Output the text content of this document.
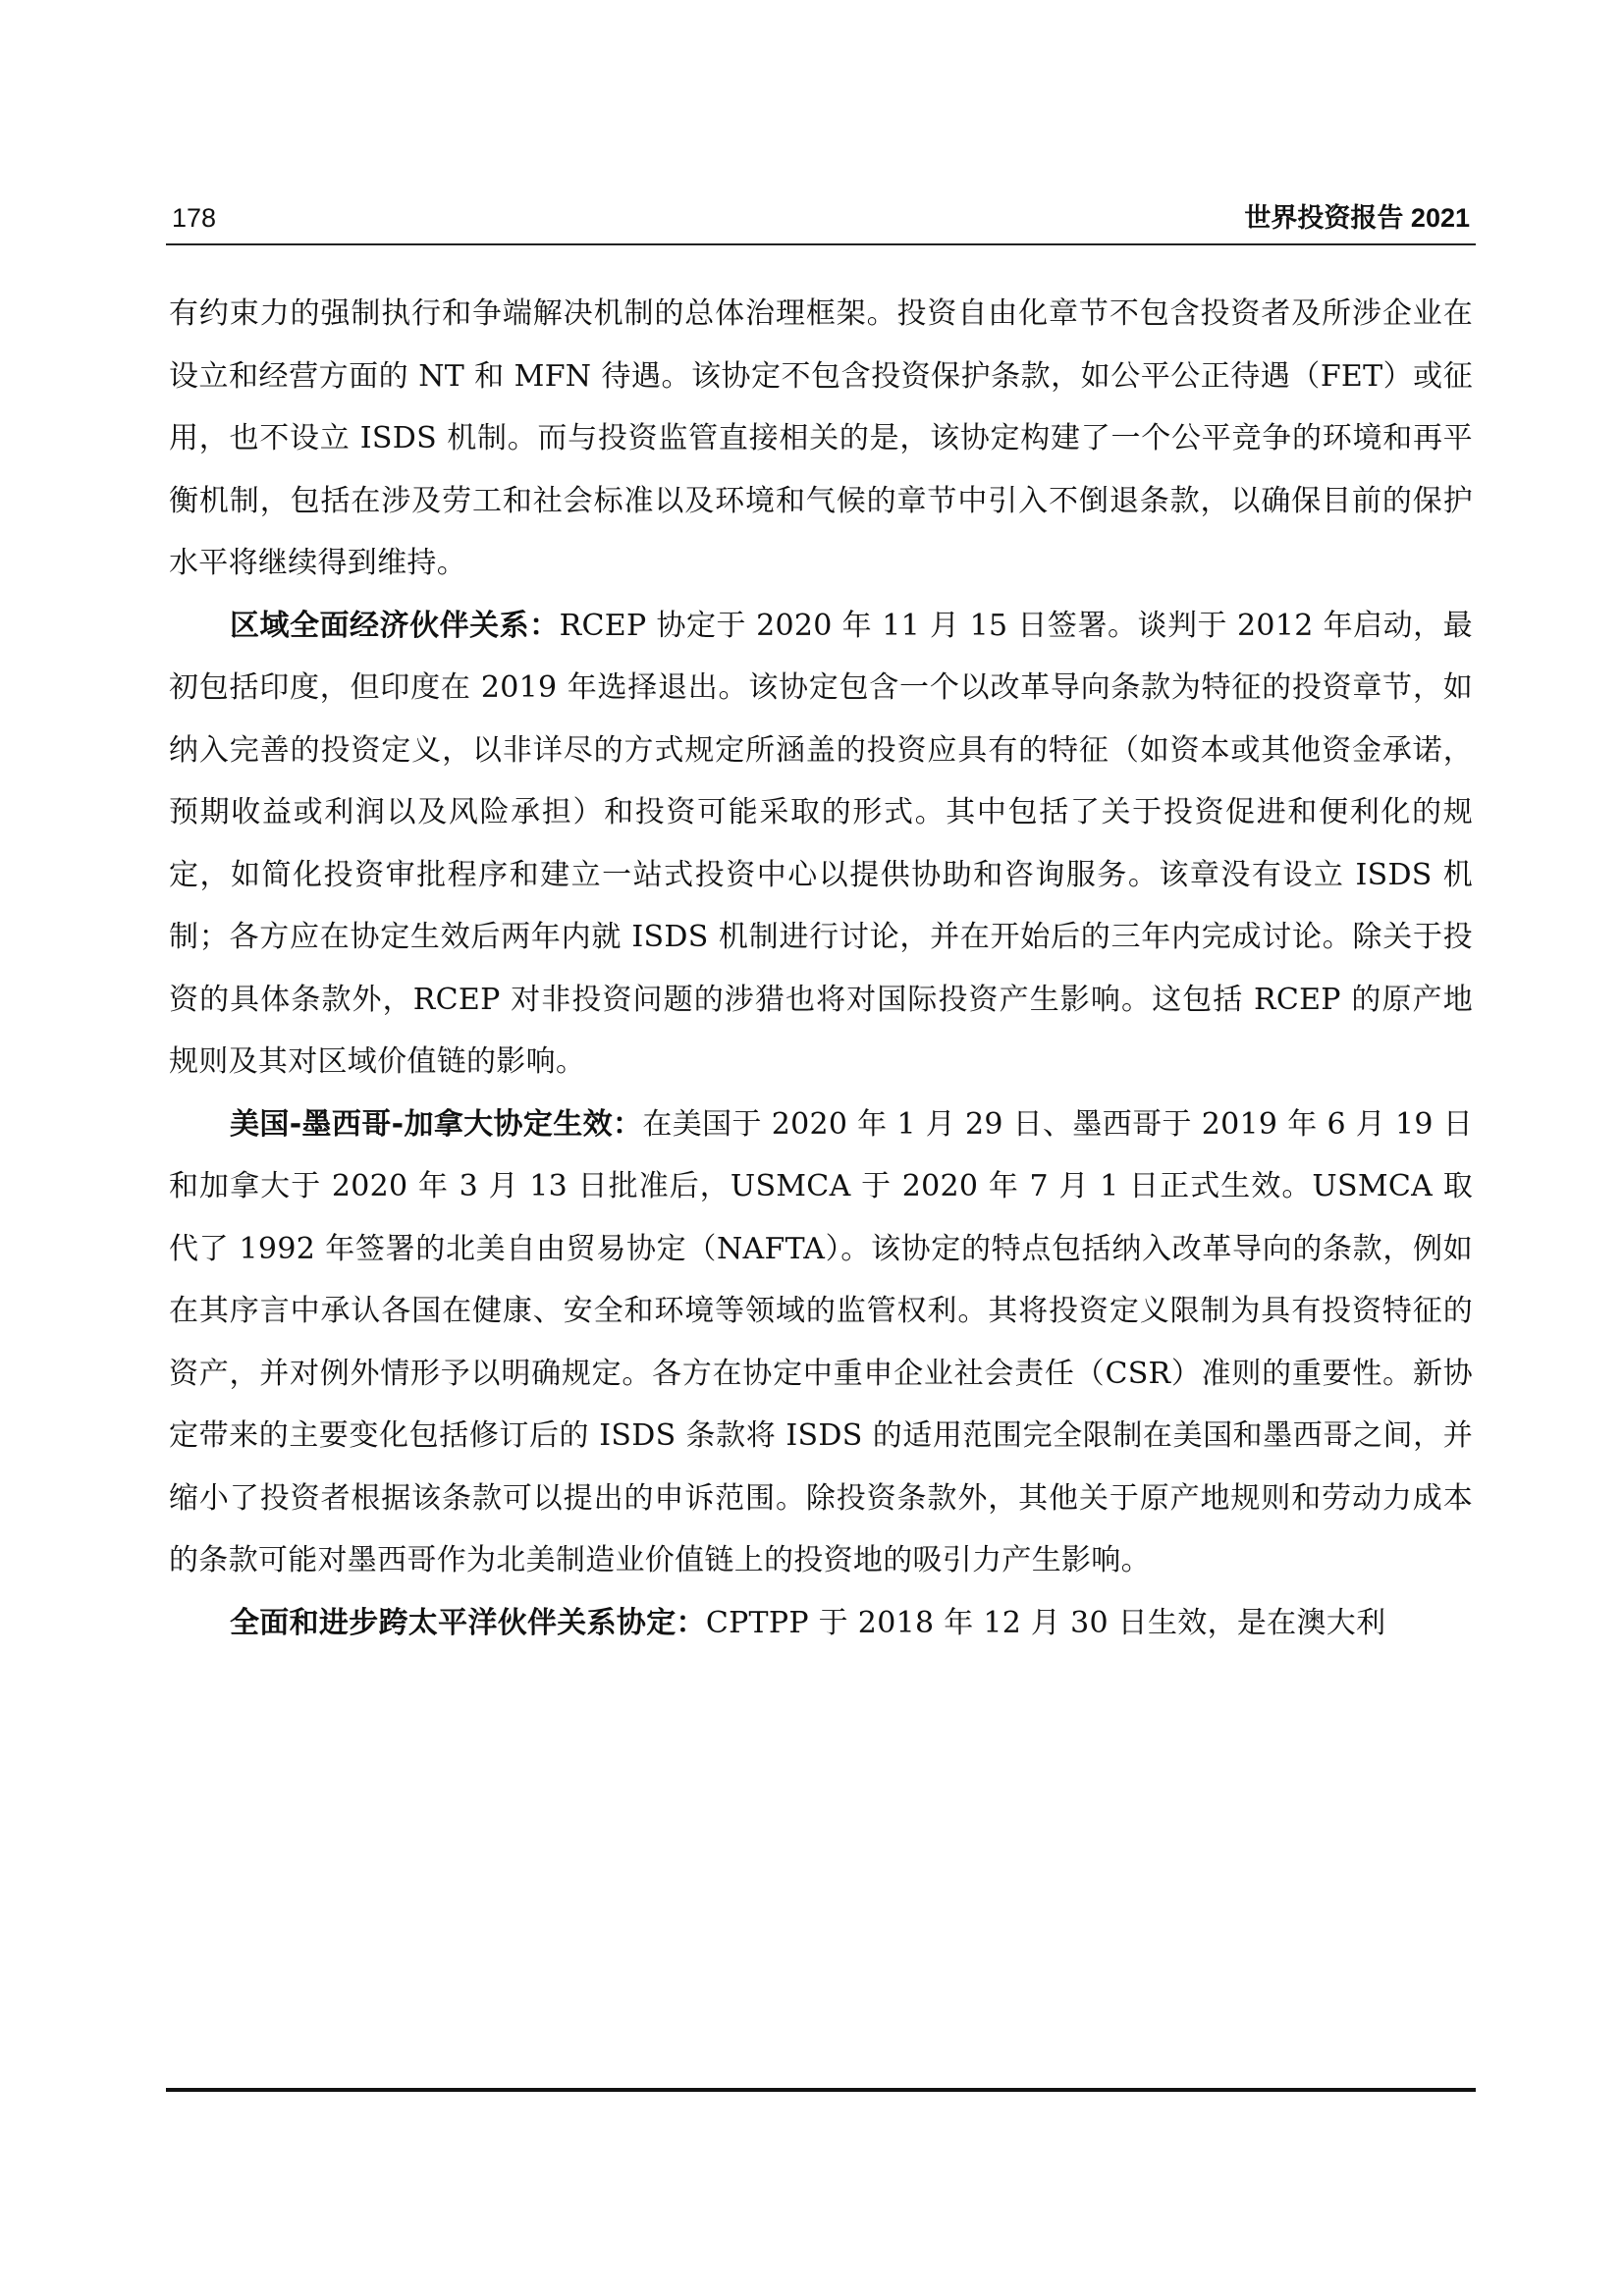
178	世界投资报告 2021

有约束力的强制执行和争端解决机制的总体治理框架。投资自由化章节不包含投资者及所涉企业在设立和经营方面的 NT 和 MFN 待遇。该协定不包含投资保护条款，如公平公正待遇（FET）或征用，也不设立 ISDS 机制。而与投资监管直接相关的是，该协定构建了一个公平竞争的环境和再平衡机制，包括在涉及劳工和社会标准以及环境和气候的章节中引入不倒退条款，以确保目前的保护水平将继续得到维持。

区域全面经济伙伴关系：RCEP 协定于 2020 年 11 月 15 日签署。谈判于 2012 年启动，最初包括印度，但印度在 2019 年选择退出。该协定包含一个以改革导向条款为特征的投资章节，如纳入完善的投资定义，以非详尽的方式规定所涵盖的投资应具有的特征（如资本或其他资金承诺，预期收益或利润以及风险承担）和投资可能采取的形式。其中包括了关于投资促进和便利化的规定，如简化投资审批程序和建立一站式投资中心以提供协助和咨询服务。该章没有设立 ISDS 机制；各方应在协定生效后两年内就 ISDS 机制进行讨论，并在开始后的三年内完成讨论。除关于投资的具体条款外，RCEP 对非投资问题的涉猎也将对国际投资产生影响。这包括 RCEP 的原产地规则及其对区域价值链的影响。

美国-墨西哥-加拿大协定生效：在美国于 2020 年 1 月 29 日、墨西哥于 2019 年 6 月 19 日和加拿大于 2020 年 3 月 13 日批准后，USMCA 于 2020 年 7 月 1 日正式生效。USMCA 取代了 1992 年签署的北美自由贸易协定（NAFTA）。该协定的特点包括纳入改革导向的条款，例如在其序言中承认各国在健康、安全和环境等领域的监管权利。其将投资定义限制为具有投资特征的资产，并对例外情形予以明确规定。各方在协定中重申企业社会责任（CSR）准则的重要性。新协定带来的主要变化包括修订后的 ISDS 条款将 ISDS 的适用范围完全限制在美国和墨西哥之间，并缩小了投资者根据该条款可以提出的申诉范围。除投资条款外，其他关于原产地规则和劳动力成本的条款可能对墨西哥作为北美制造业价值链上的投资地的吸引力产生影响。

全面和进步跨太平洋伙伴关系协定：CPTPP 于 2018 年 12 月 30 日生效，是在澳大利
